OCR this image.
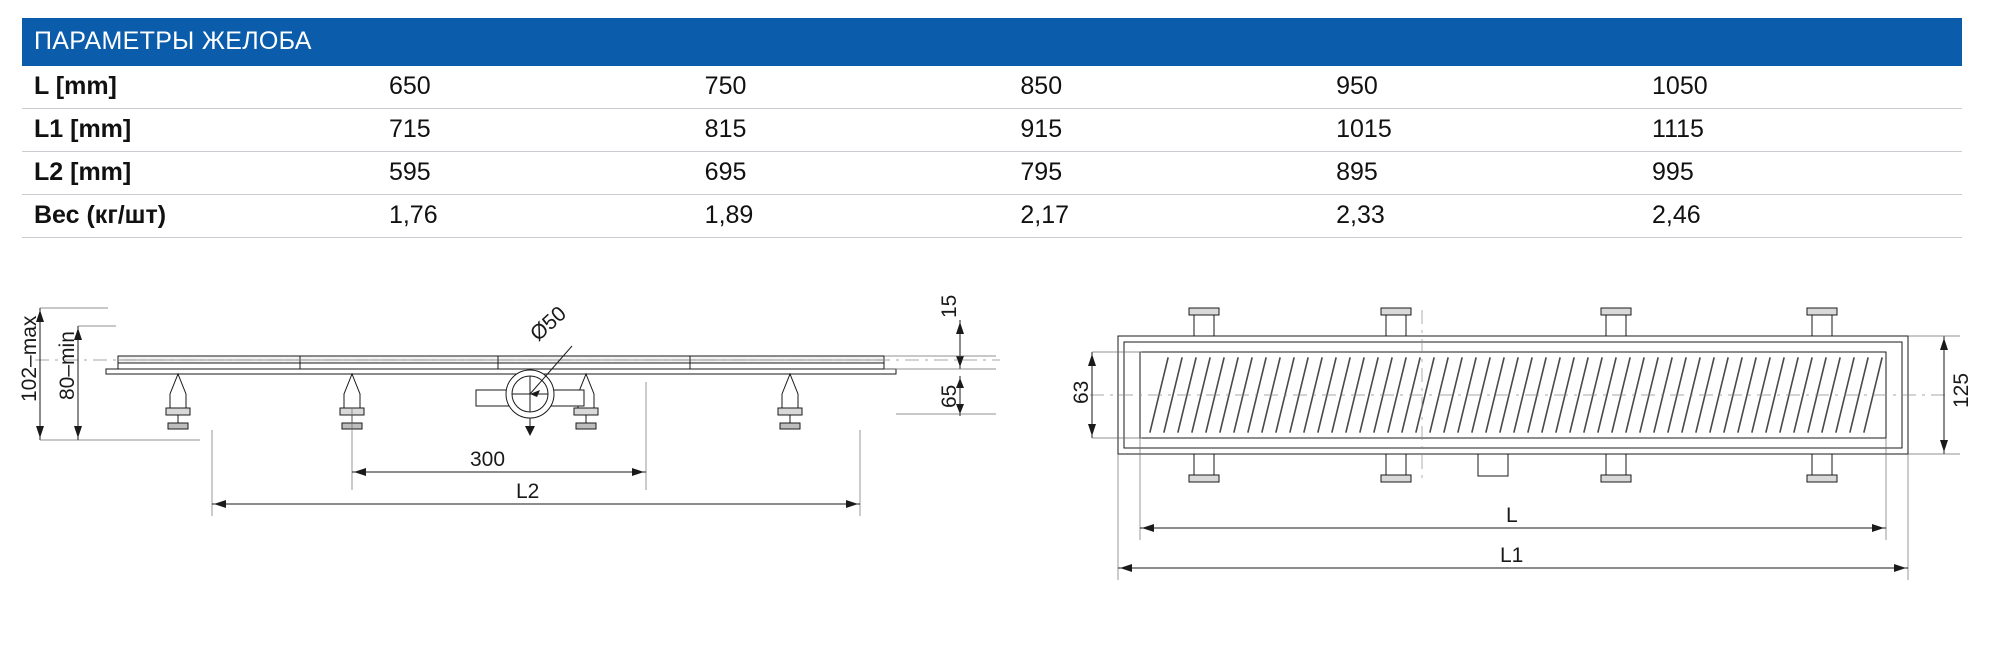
ПАРАМЕТРЫ ЖЕЛОБА					
L [mm]	650	750	850	950	1050
L1 [mm]	715	815	915	1015	1115
L2 [mm]	595	695	795	895	995
Вес (кг/шт)	1,76	1,89	2,17	2,33	2,46
Ø50
102–max 80–min
15
65
300
L2
63	125
L
L1
